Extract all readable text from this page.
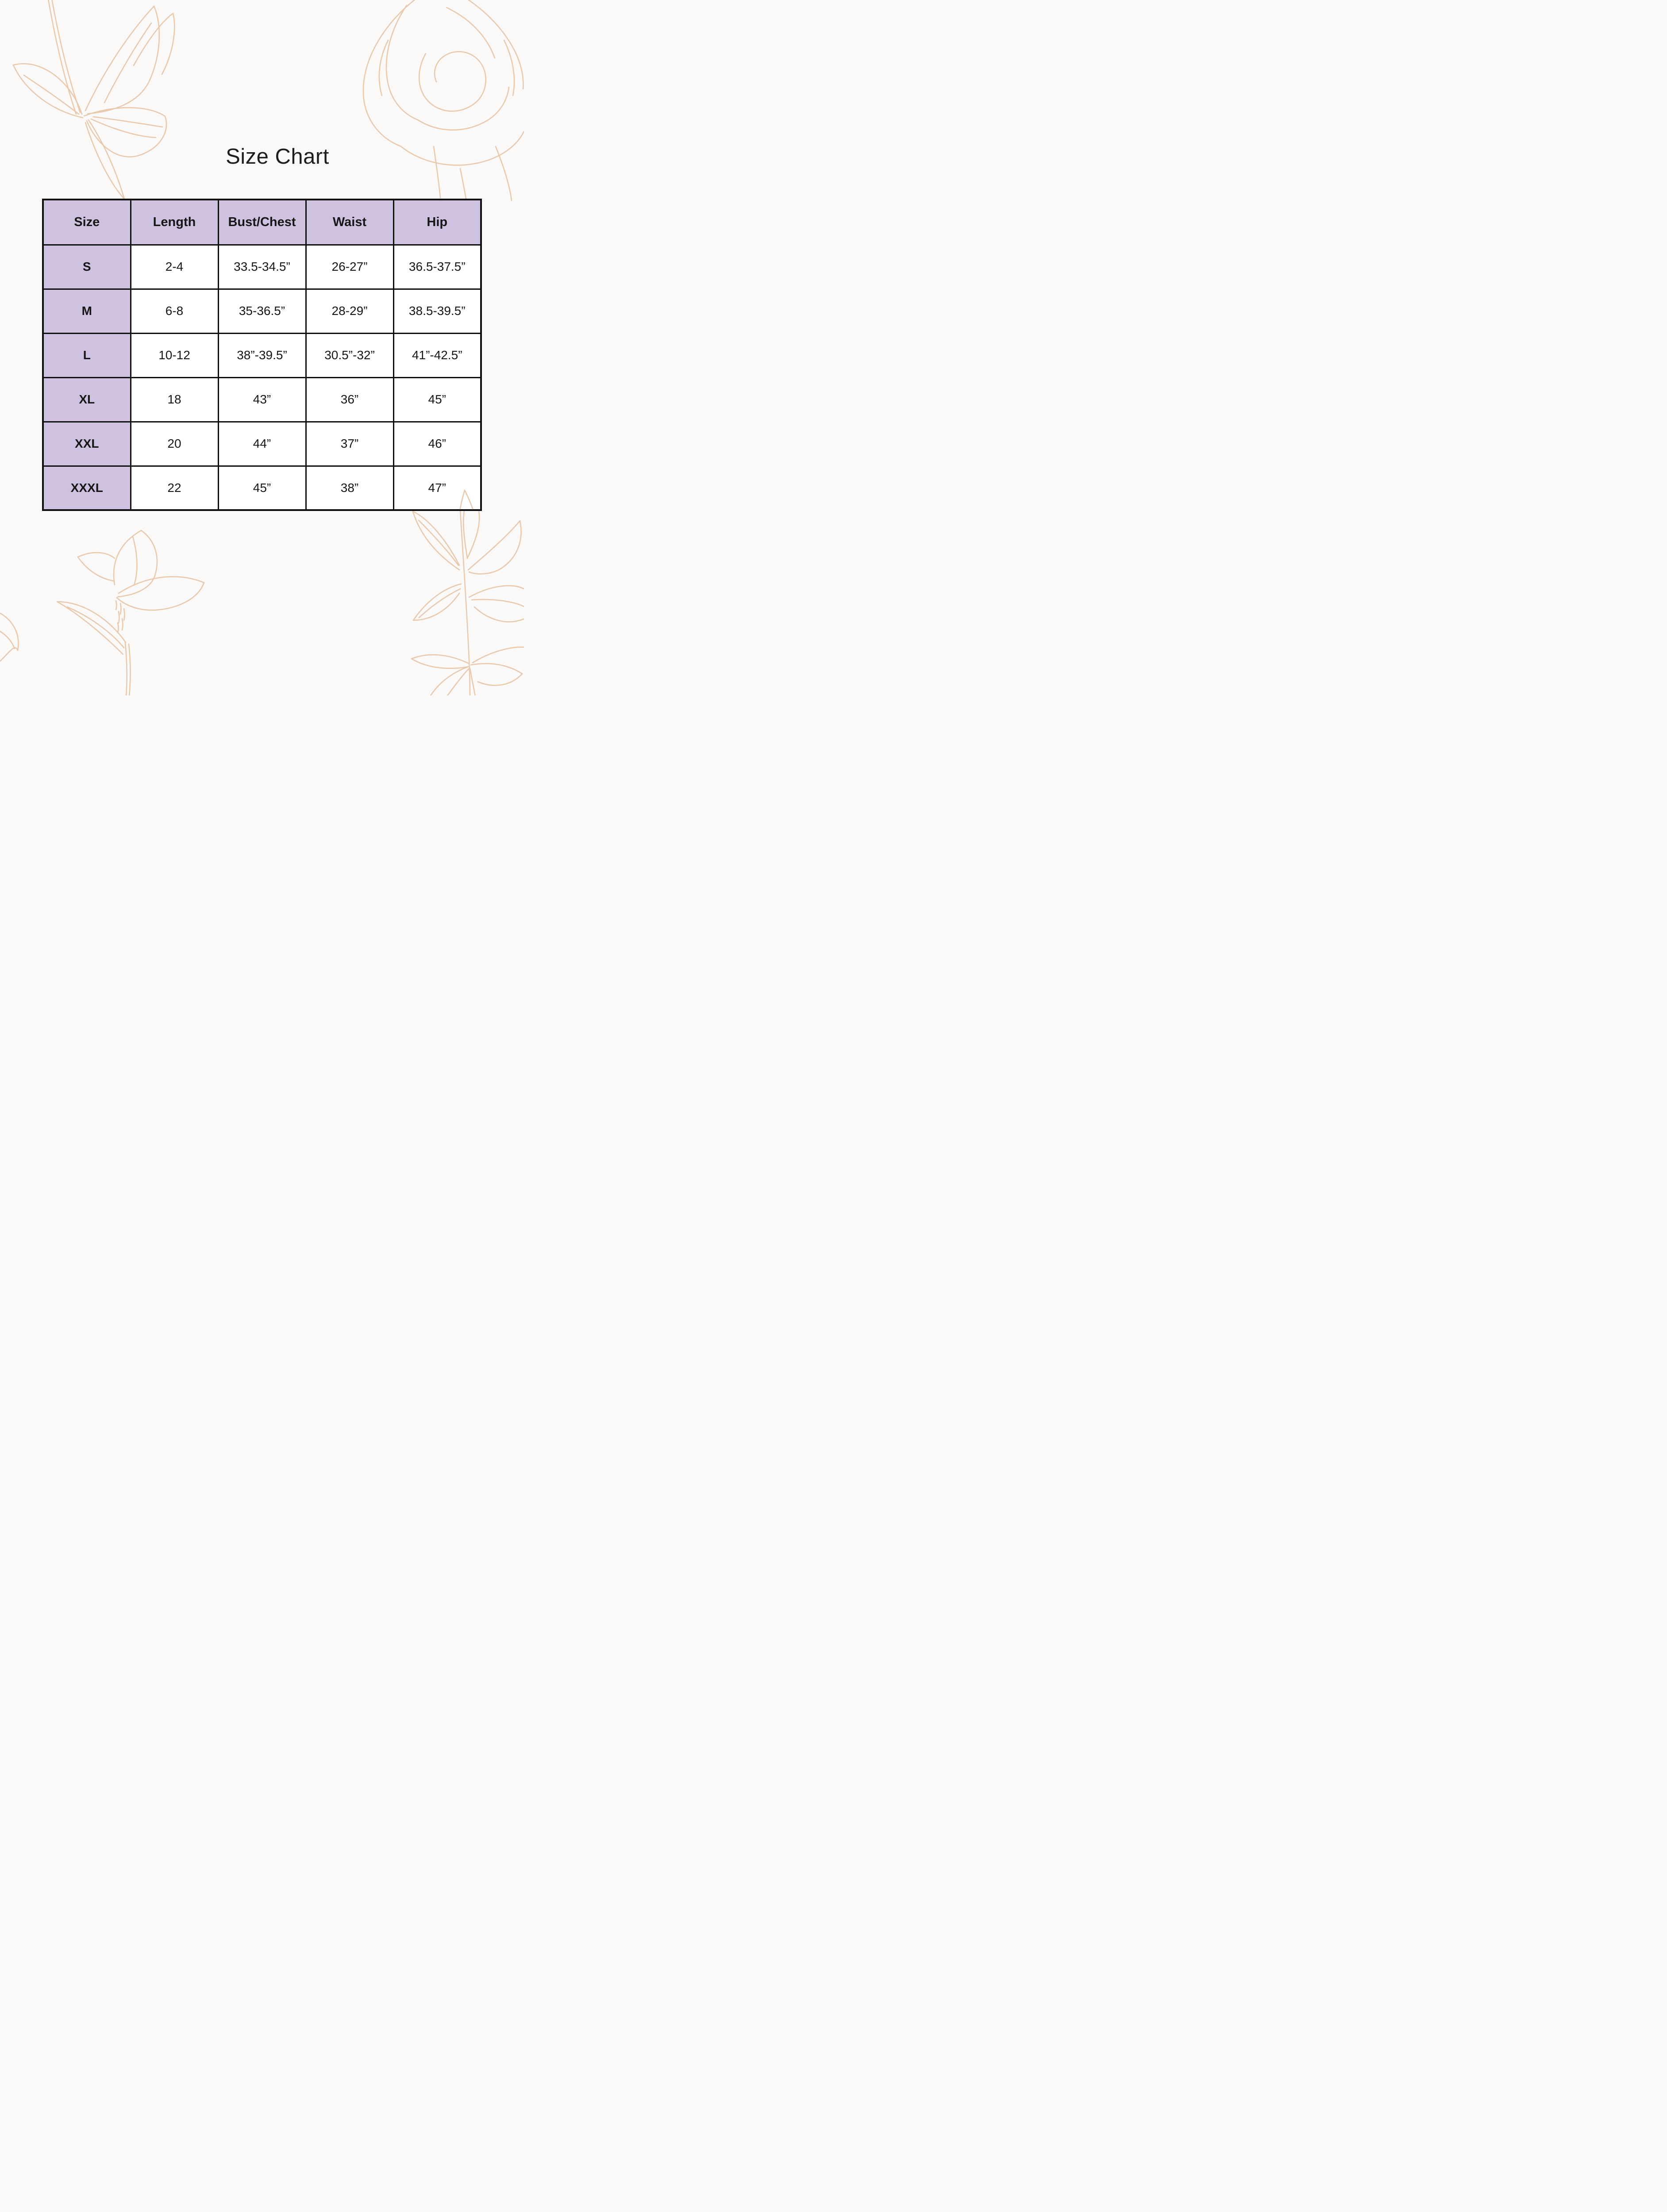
Size Chart
Size	Length	Bust/Chest	Waist	Hip
S	2-4	33.5-34.5”	26-27”	36.5-37.5”
M	6-8	35-36.5”	28-29”	38.5-39.5”
L	10-12	38”-39.5”	30.5”-32”	41”-42.5”
XL	18	43”	36”	45”
XXL	20	44”	37”	46”
XXXL	22	45”	38”	47”
